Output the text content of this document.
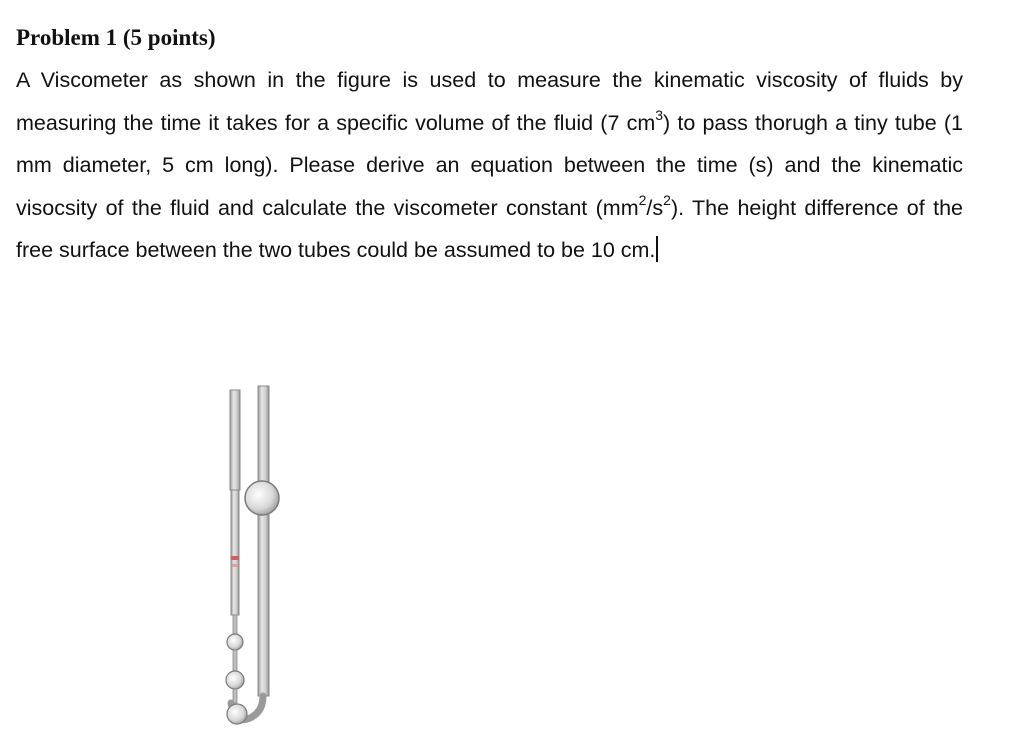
Problem 1 (5 points)

A Viscometer as shown in the figure is used to measure the kinematic viscosity of fluids by measuring the time it takes for a specific volume of the fluid (7 $cm^3$) to pass thorugh a tiny tube (1 mm diameter, 5 cm long). Please derive an equation between the time (s) and the kinematic visocsity of the fluid and calculate the viscometer constant $(mm^2/s^2)$. The height difference of the free surface between the two tubes could be assumed to be 10 cm.
